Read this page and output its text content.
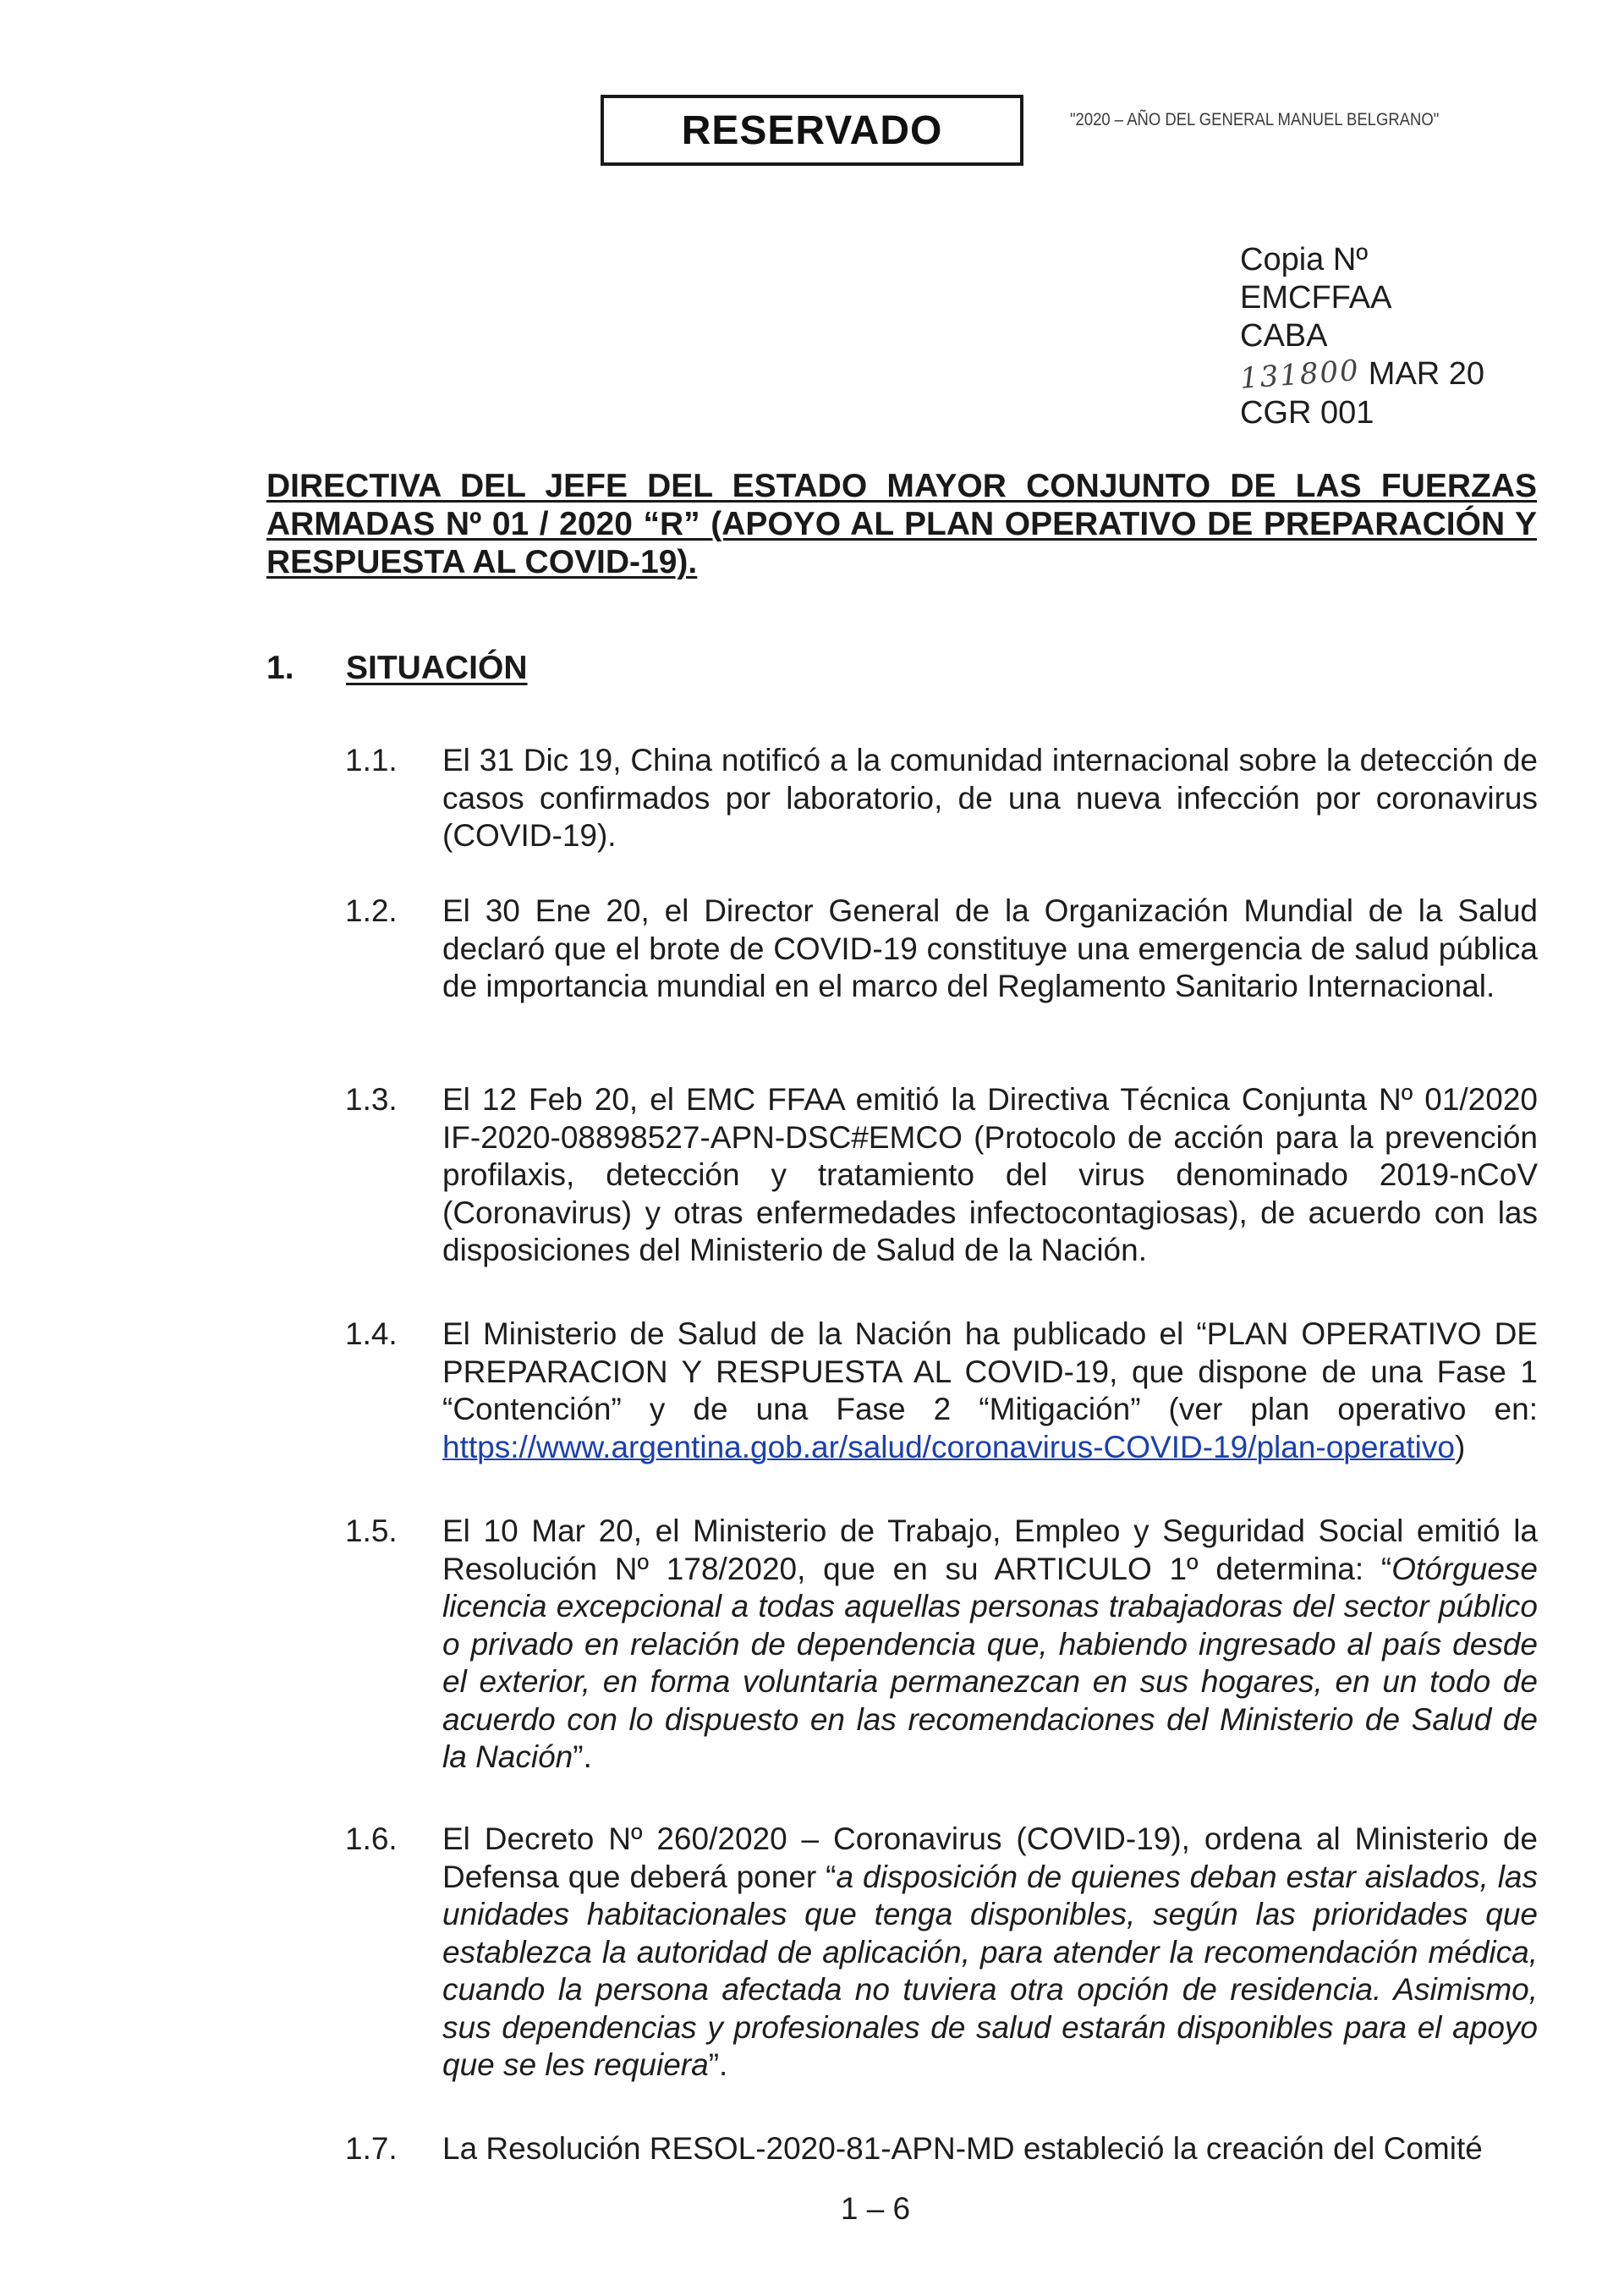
RESERVADO	"2020 – AÑO DEL GENERAL MANUEL BELGRANO"
Copia Nº
EMCFFAA
CABA
131800 MAR 20
CGR 001
DIRECTIVA DEL JEFE DEL ESTADO MAYOR CONJUNTO DE LAS FUERZAS ARMADAS Nº 01 / 2020 “R” (APOYO AL PLAN OPERATIVO DE PREPARACIÓN Y RESPUESTA AL COVID-19).
1.	SITUACIÓN
1.1.	El 31 Dic 19, China notificó a la comunidad internacional sobre la detección de casos confirmados por laboratorio, de una nueva infección por coronavirus (COVID-19).
1.2.	El 30 Ene 20, el Director General de la Organización Mundial de la Salud declaró que el brote de COVID-19 constituye una emergencia de salud pública de importancia mundial en el marco del Reglamento Sanitario Internacional.
1.3.	El 12 Feb 20, el EMC FFAA emitió la Directiva Técnica Conjunta Nº 01/2020 IF-2020-08898527-APN-DSC#EMCO (Protocolo de acción para la prevención profilaxis, detección y tratamiento del virus denominado 2019-nCoV (Coronavirus) y otras enfermedades infectocontagiosas), de acuerdo con las disposiciones del Ministerio de Salud de la Nación.
1.4.	El Ministerio de Salud de la Nación ha publicado el “PLAN OPERATIVO DE PREPARACION Y RESPUESTA AL COVID-19, que dispone de una Fase 1 “Contención” y de una Fase 2 “Mitigación” (ver plan operativo en: https://www.argentina.gob.ar/salud/coronavirus-COVID-19/plan-operativo)
1.5.	El 10 Mar 20, el Ministerio de Trabajo, Empleo y Seguridad Social emitió la Resolución Nº 178/2020, que en su ARTICULO 1º determina: “Otórguese licencia excepcional a todas aquellas personas trabajadoras del sector público o privado en relación de dependencia que, habiendo ingresado al país desde el exterior, en forma voluntaria permanezcan en sus hogares, en un todo de acuerdo con lo dispuesto en las recomendaciones del Ministerio de Salud de la Nación”.
1.6.	El Decreto Nº 260/2020 – Coronavirus (COVID-19), ordena al Ministerio de Defensa que deberá poner “a disposición de quienes deban estar aislados, las unidades habitacionales que tenga disponibles, según las prioridades que establezca la autoridad de aplicación, para atender la recomendación médica, cuando la persona afectada no tuviera otra opción de residencia. Asimismo, sus dependencias y profesionales de salud estarán disponibles para el apoyo que se les requiera”.
1.7.	La Resolución RESOL-2020-81-APN-MD estableció la creación del Comité
1 – 6
